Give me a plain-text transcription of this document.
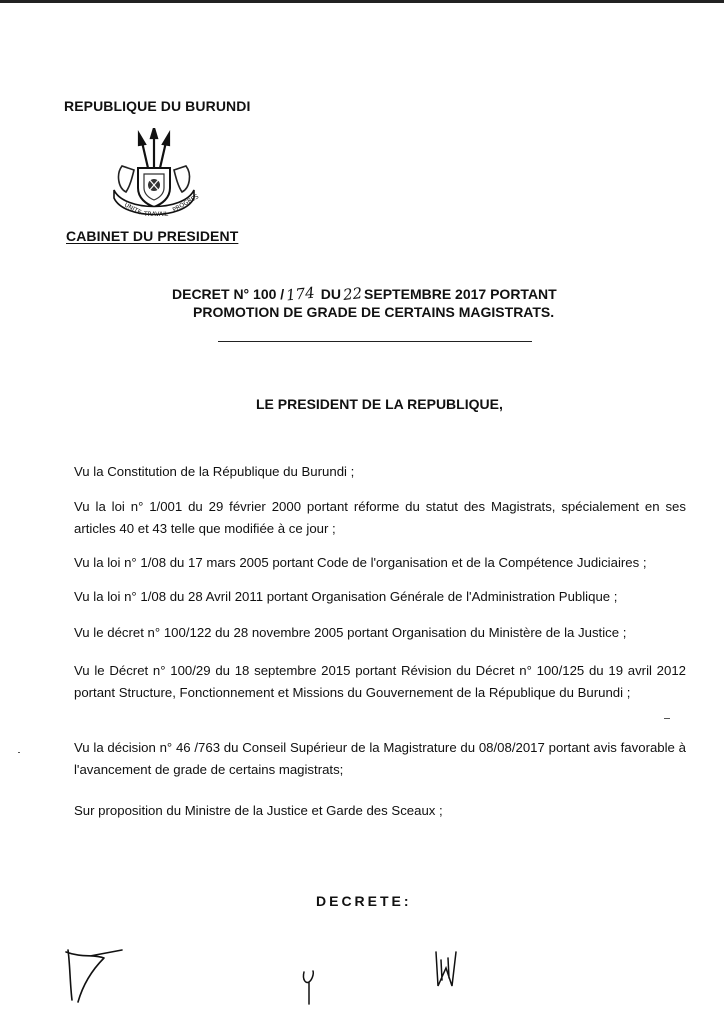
REPUBLIQUE DU BURUNDI
UNITE TRAVAIL
PROGRES
CABINET DU PRESIDENT
DECRET N° 100 /174 DU22SEPTEMBRE 2017 PORTANT
PROMOTION DE GRADE DE CERTAINS MAGISTRATS.
LE PRESIDENT DE LA REPUBLIQUE,
Vu la Constitution de la République du Burundi ;
Vu la loi n° 1/001 du 29 février 2000 portant réforme du statut des Magistrats, spécialement en ses articles 40 et 43 telle que modifiée à ce jour ;
Vu la loi n° 1/08 du 17 mars 2005 portant Code de l'organisation et de la Compétence Judiciaires ;
Vu la loi n° 1/08 du 28 Avril 2011 portant Organisation Générale de l'Administration Publique ;
Vu le décret n° 100/122 du 28 novembre 2005 portant Organisation du Ministère de la Justice ;
Vu le Décret n° 100/29 du 18 septembre 2015 portant Révision du Décret n° 100/125 du 19 avril 2012 portant Structure, Fonctionnement et Missions du Gouvernement de la République du Burundi ;
Vu la décision n° 46 /763 du Conseil Supérieur de la Magistrature du 08/08/2017 portant avis favorable à l'avancement de grade de certains magistrats;
Sur proposition du Ministre de la Justice et Garde des Sceaux ;
DECRETE:
